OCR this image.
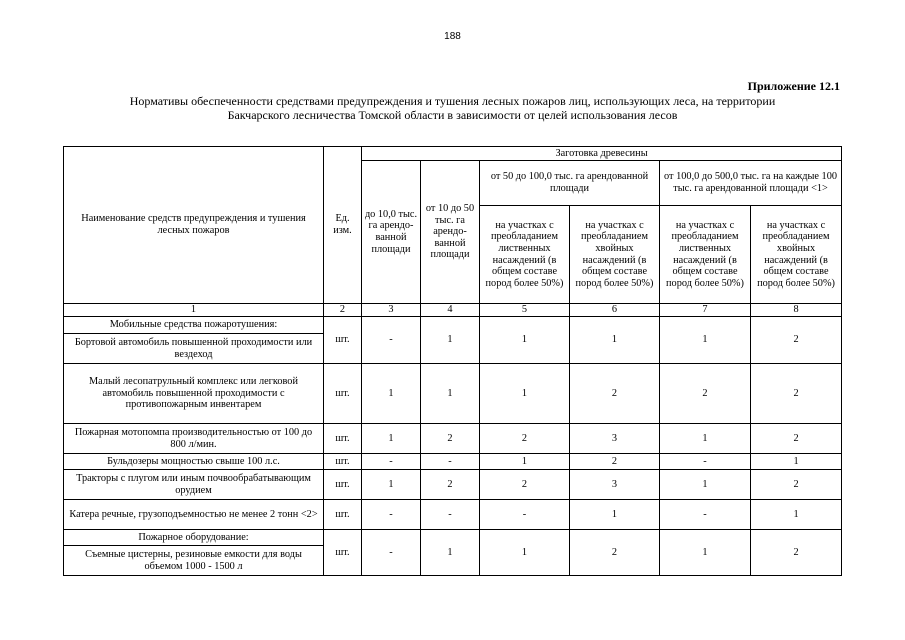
188
Приложение 12.1
Нормативы обеспеченности средствами предупреждения и тушения лесных пожаров лиц, использующих леса, на территории
Бакчарского лесничества Томской области в зависимости от целей использования лесов
Наименование средств предупреждения и тушения лесных пожаров	Ед. изм.	Заготовка древесины					
		до 10,0 тыс. га арендо-ванной площади	от 10 до 50 тыс. га арендо-ванной площади	от 50 до 100,0 тыс. га арендованной площади		от 100,0 до 500,0 тыс. га на каждые 100 тыс. га арендованной площади <1>	
				на участках с преобладанием лиственных насаждений (в общем составе пород более 50%)	на участках с преобладанием хвойных насаждений (в общем составе пород более 50%)	на участках с преобладанием лиственных насаждений (в общем составе пород более 50%)	на участках с преобладанием хвойных насаждений (в общем составе пород более 50%)
1	2	3	4	5	6	7	8
Мобильные средства пожаротушения:	шт.	-	1	1	1	1	2
Бортовой автомобиль повышенной проходимости или вездеход							
Малый лесопатрульный комплекс или легковой автомобиль повышенной проходимости с противопожарным инвентарем	шт.	1	1	1	2	2	2
Пожарная мотопомпа производительностью от 100 до 800 л/мин.	шт.	1	2	2	3	1	2
Бульдозеры мощностью свыше 100 л.с.	шт.	-	-	1	2	-	1
Тракторы с плугом или иным почвообрабатывающим орудием	шт.	1	2	2	3	1	2
Катера речные, грузоподъемностью не менее 2 тонн <2>	шт.	-	-	-	1	-	1
Пожарное оборудование:	шт.	-	1	1	2	1	2
Съемные цистерны, резиновые емкости для воды объемом 1000 - 1500 л							
